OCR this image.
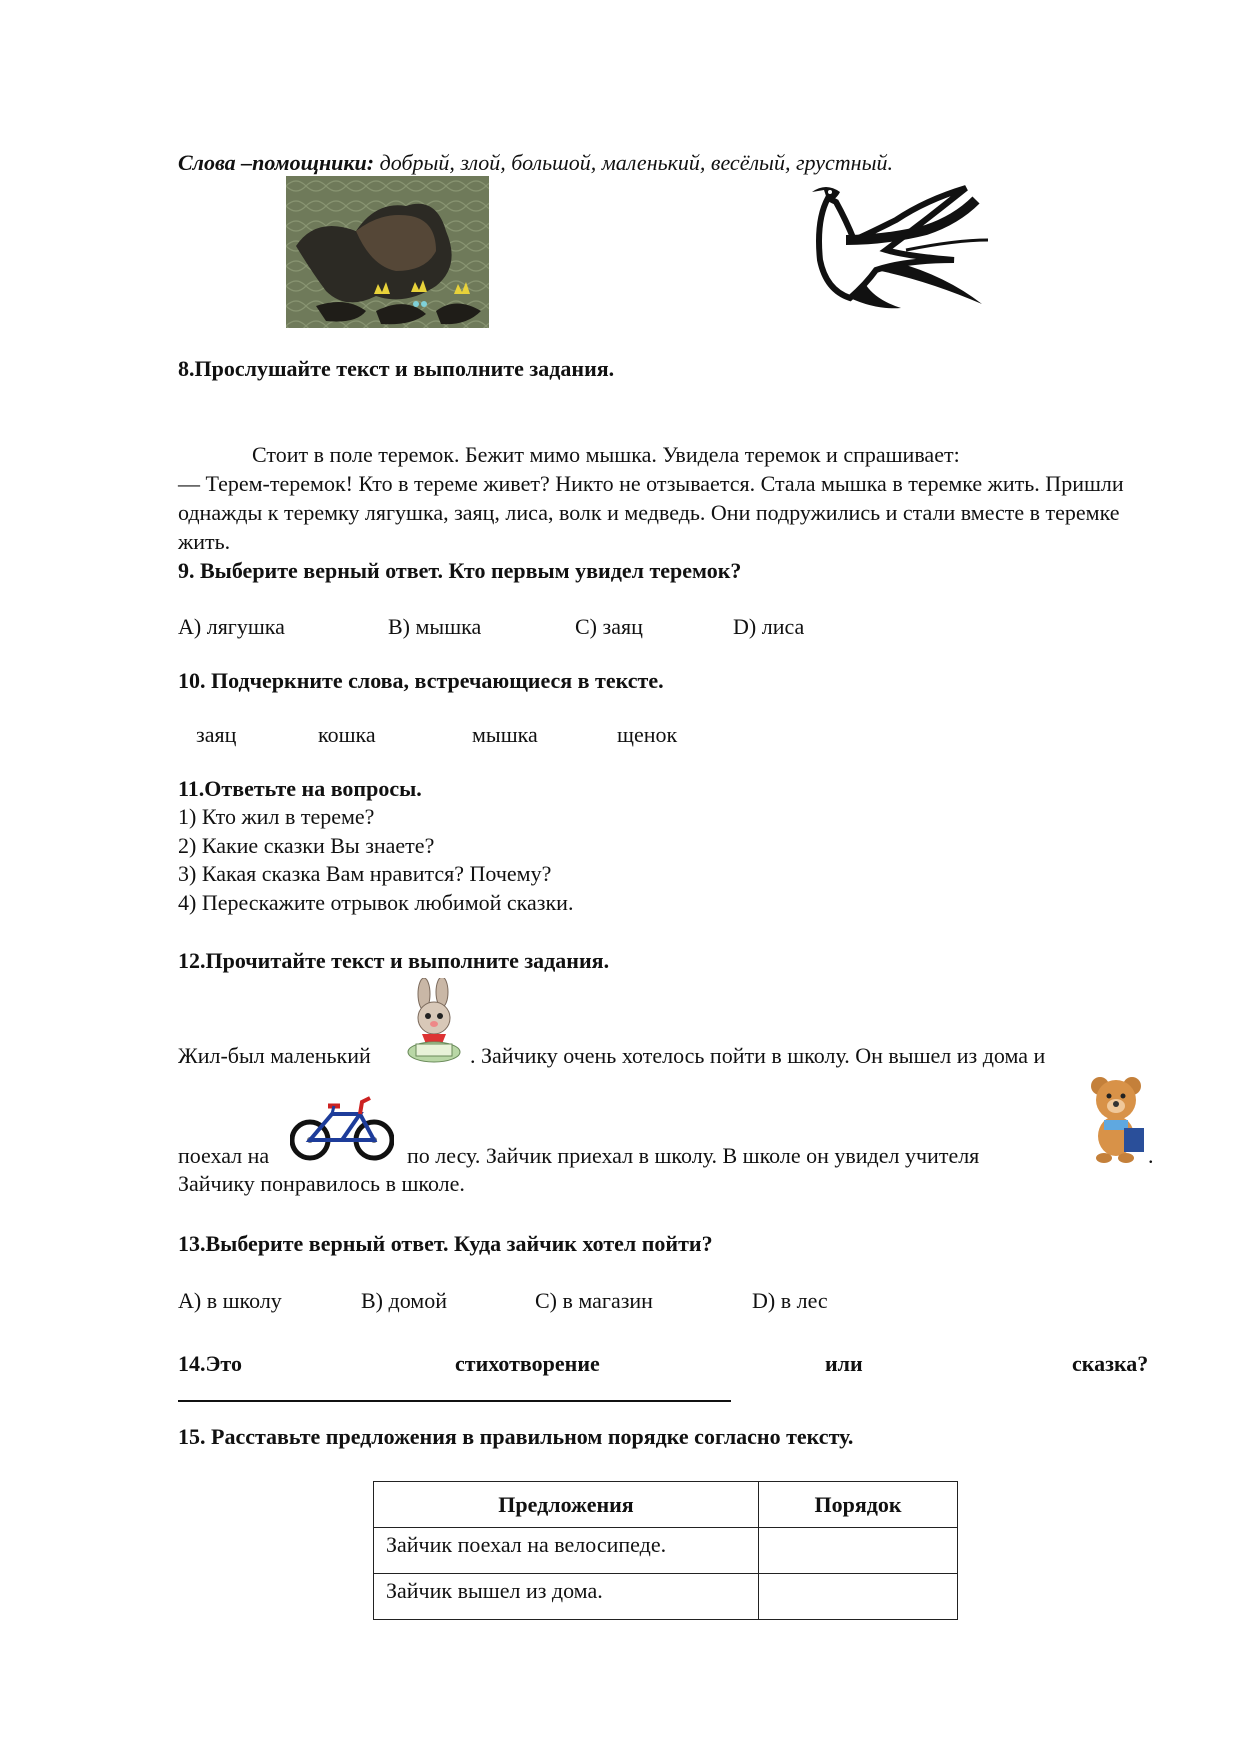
Слова –помощники: добрый, злой, большой, маленький, весёлый, грустный.
8.Прослушайте текст и выполните задания.
Стоит в поле теремок. Бежит мимо мышка. Увидела теремок и спрашивает:
— Терем-теремок! Кто в тереме живет? Никто не отзывается. Стала мышка в теремке жить. Пришли однажды к теремку лягушка, заяц, лиса, волк и медведь. Они подружились и стали вместе в теремке жить.
9. Выберите верный ответ. Кто первым увидел теремок?
A) лягушка	B) мышка	C) заяц	D) лиса
10. Подчеркните слова, встречающиеся в тексте.
заяц	кошка	мышка	щенок
11.Ответьте на вопросы.
1) Кто жил в тереме?
2) Какие сказки Вы знаете?
3) Какая сказка Вам нравится? Почему?
4) Перескажите отрывок любимой сказки.
12.Прочитайте текст и выполните задания.
Жил-был маленький	. Зайчику очень хотелось пойти в школу. Он вышел из дома и
поехал на	по лесу. Зайчик приехал в школу. В школе он увидел учителя	.
Зайчику понравилось в школе.
13.Выберите верный ответ. Куда зайчик хотел пойти?
A) в школу	B) домой	C) в магазин	D) в лес
14.Это	стихотворение	или	сказка?
15. Расставьте предложения в правильном порядке согласно тексту.
Предложения	Порядок
Зайчик поехал на велосипеде.	
Зайчик вышел из дома.	
